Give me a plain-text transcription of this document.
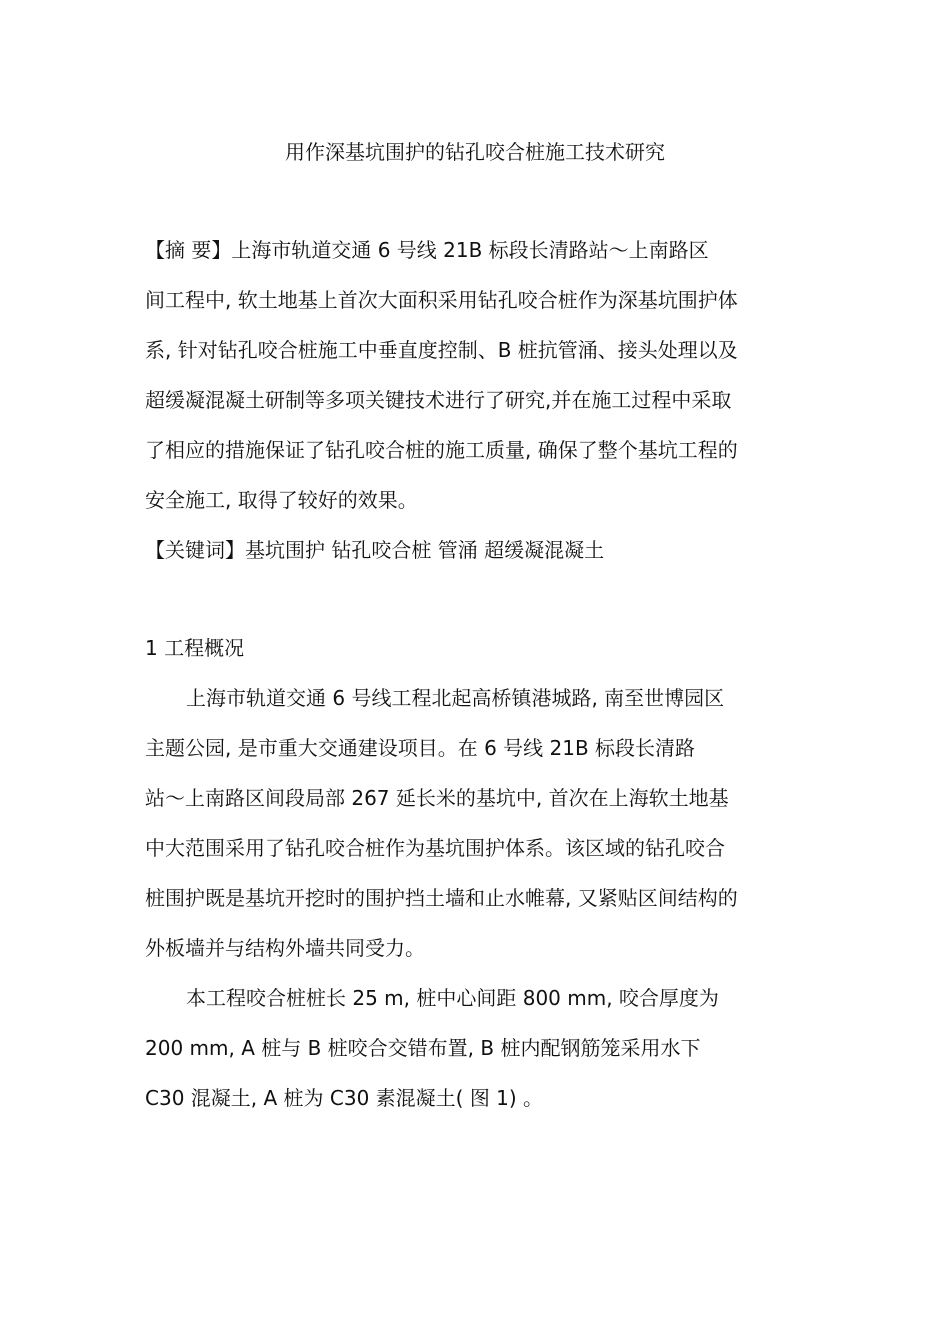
用作深基坑围护的钻孔咬合桩施工技术研究
【摘 要】上海市轨道交通 6 号线 21B 标段长清路站～上南路区
间工程中, 软土地基上首次大面积采用钻孔咬合桩作为深基坑围护体
系, 针对钻孔咬合桩施工中垂直度控制、B 桩抗管涌、接头处理以及
超缓凝混凝土研制等多项关键技术进行了研究,并在施工过程中采取
了相应的措施保证了钻孔咬合桩的施工质量, 确保了整个基坑工程的
安全施工, 取得了较好的效果。
【关键词】基坑围护 钻孔咬合桩 管涌 超缓凝混凝土
1 工程概况
上海市轨道交通 6 号线工程北起高桥镇港城路, 南至世博园区
主题公园, 是市重大交通建设项目。在 6 号线 21B 标段长清路
站～上南路区间段局部 267 延长米的基坑中, 首次在上海软土地基
中大范围采用了钻孔咬合桩作为基坑围护体系。该区域的钻孔咬合
桩围护既是基坑开挖时的围护挡土墙和止水帷幕, 又紧贴区间结构的
外板墙并与结构外墙共同受力。
本工程咬合桩桩长 25 m, 桩中心间距 800 mm, 咬合厚度为
200 mm, A 桩与 B 桩咬合交错布置, B 桩内配钢筋笼采用水下
C30 混凝土, A 桩为 C30 素混凝土( 图 1) 。
